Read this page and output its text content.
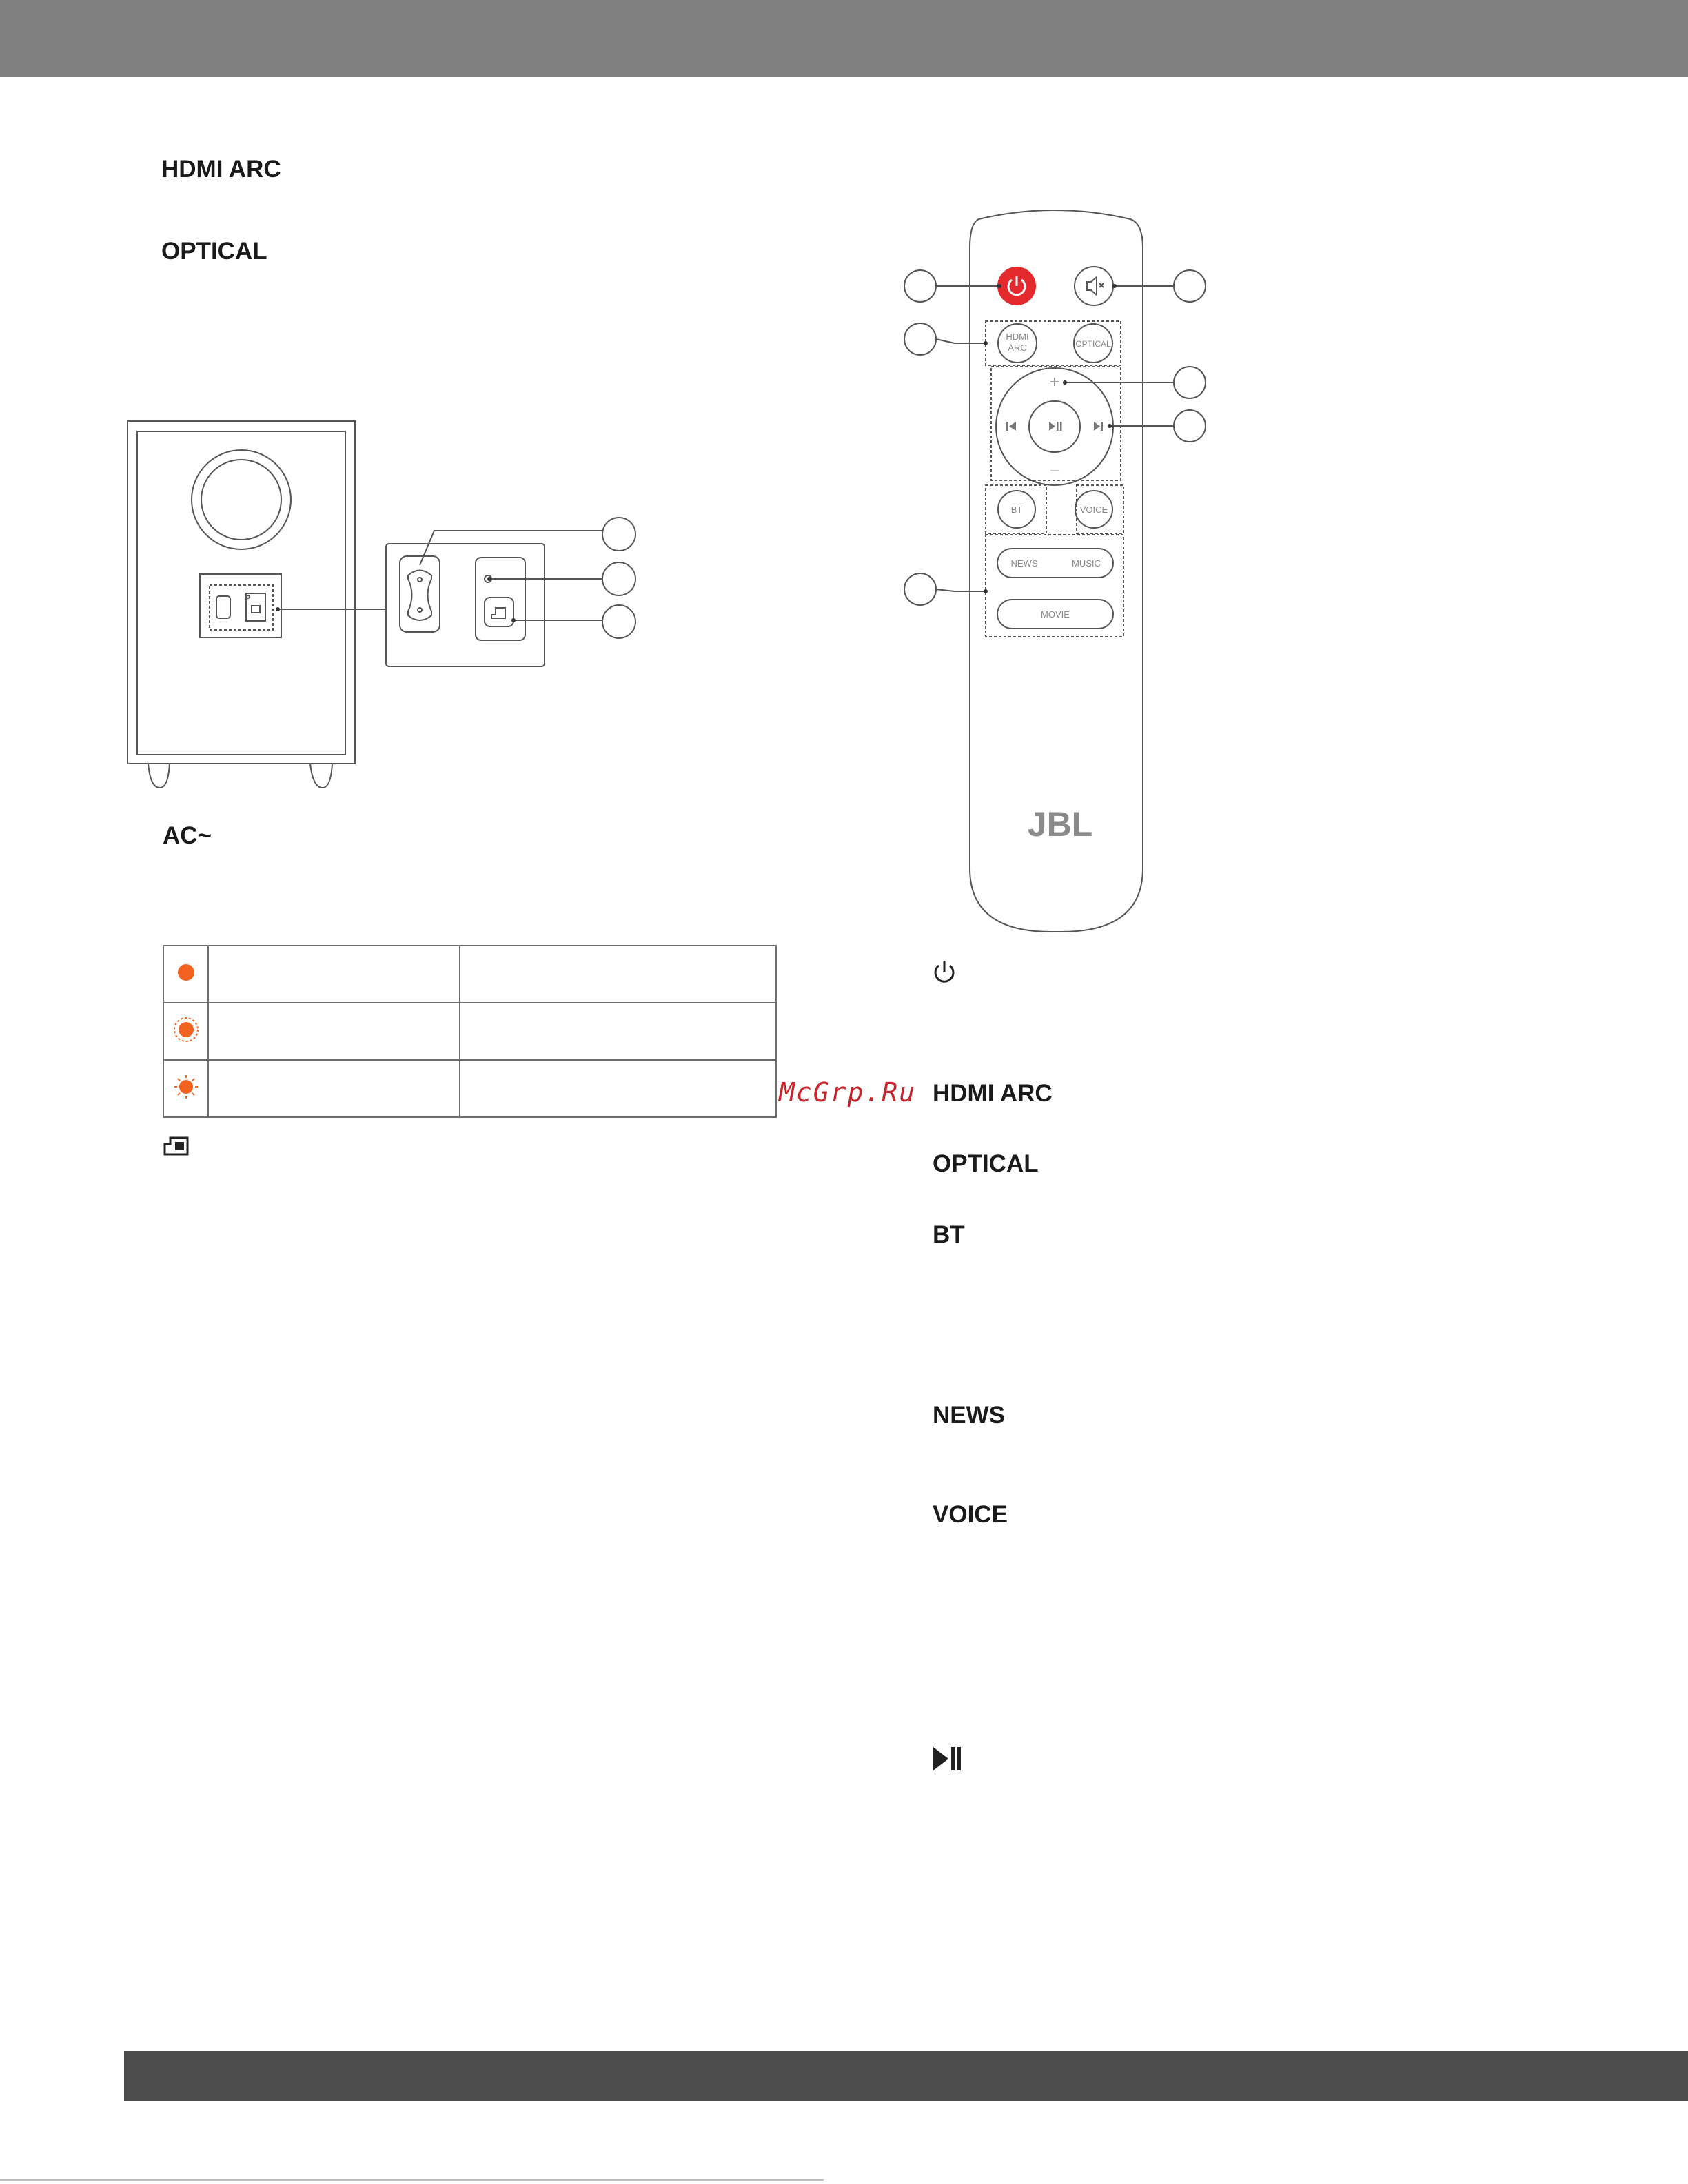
HDMI ARC
OPTICAL
AC~

McGrp.Ru
HDMI
ARC	OPTICAL
+
–
BT	VOICE
NEWS	MUSIC
MOVIE
JBL
HDMI ARC
OPTICAL
BT
NEWS
VOICE
